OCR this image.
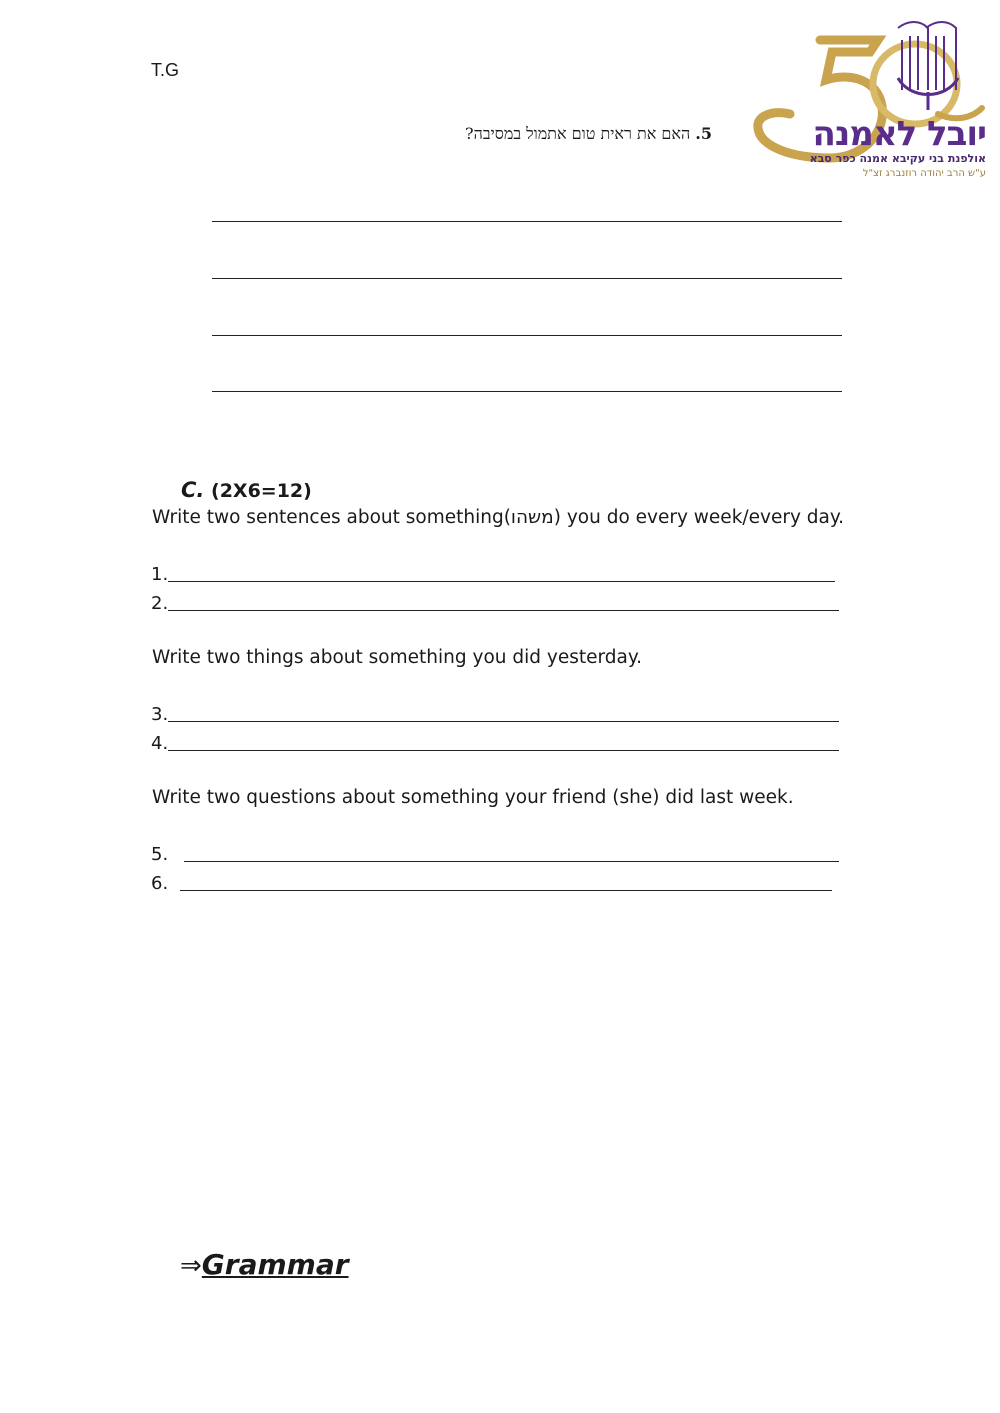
T.G
5. האם את ראית טום אתמול במסיבה?	יובל לאמנה
אולפנת בני עקיבא אמנה כפר סבא
ע"ש הרב יהודה רוזנברג זצ"ל
C. (2X6=12)
Write two sentences about something(משהו) you do every week/every day.
1.
2.
Write two things about something you did yesterday.
3.
4.
Write two questions about something your friend (she) did last week.
5.
6.
⇒Grammar
